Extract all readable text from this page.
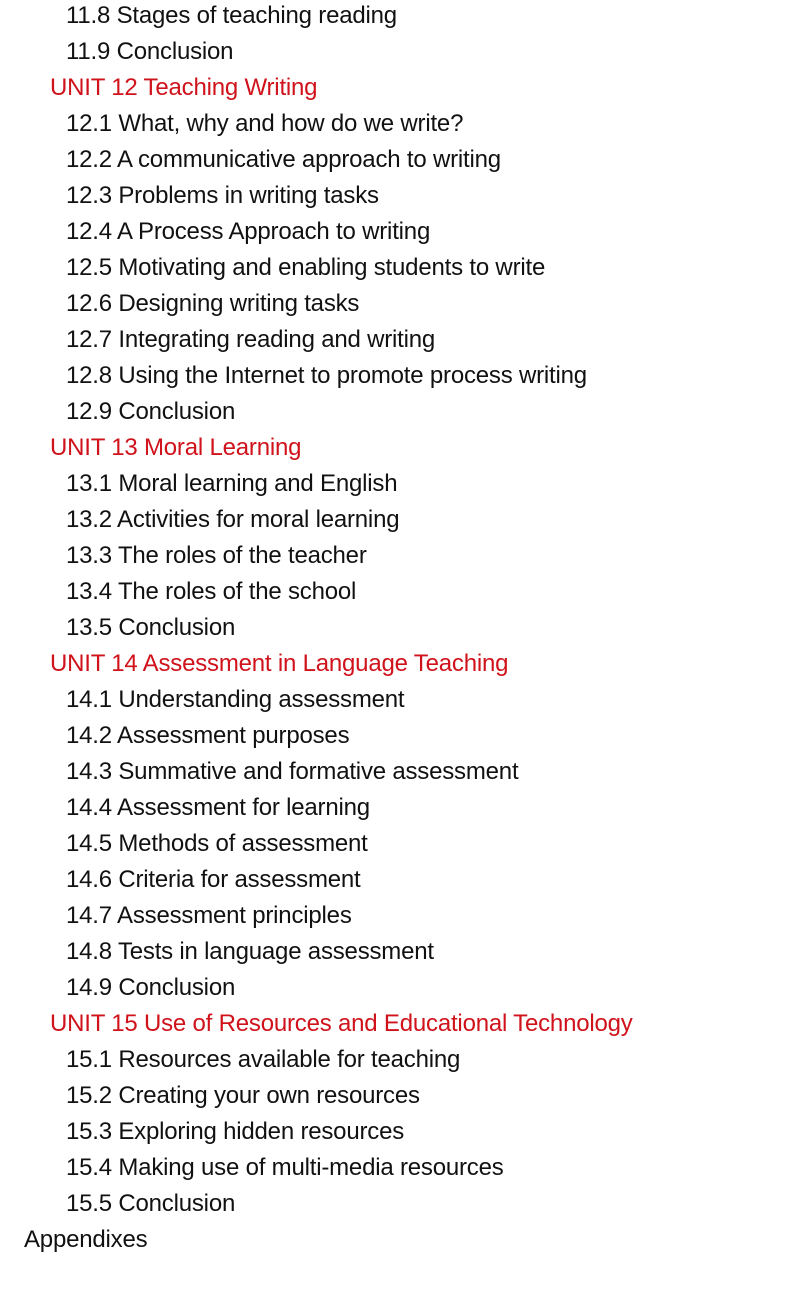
11.8 Stages of teaching reading
11.9 Conclusion
UNIT 12 Teaching Writing
12.1 What, why and how do we write?
12.2 A communicative approach to writing
12.3 Problems in writing tasks
12.4 A Process Approach to writing
12.5 Motivating and enabling students to write
12.6 Designing writing tasks
12.7 Integrating reading and writing
12.8 Using the Internet to promote process writing
12.9 Conclusion
UNIT 13 Moral Learning
13.1 Moral learning and English
13.2 Activities for moral learning
13.3 The roles of the teacher
13.4 The roles of the school
13.5 Conclusion
UNIT 14 Assessment in Language Teaching
14.1 Understanding assessment
14.2 Assessment purposes
14.3 Summative and formative assessment
14.4 Assessment for learning
14.5 Methods of assessment
14.6 Criteria for assessment
14.7 Assessment principles
14.8 Tests in language assessment
14.9 Conclusion
UNIT 15 Use of Resources and Educational Technology
15.1 Resources available for teaching
15.2 Creating your own resources
15.3 Exploring hidden resources
15.4 Making use of multi-media resources
15.5 Conclusion
Appendixes
